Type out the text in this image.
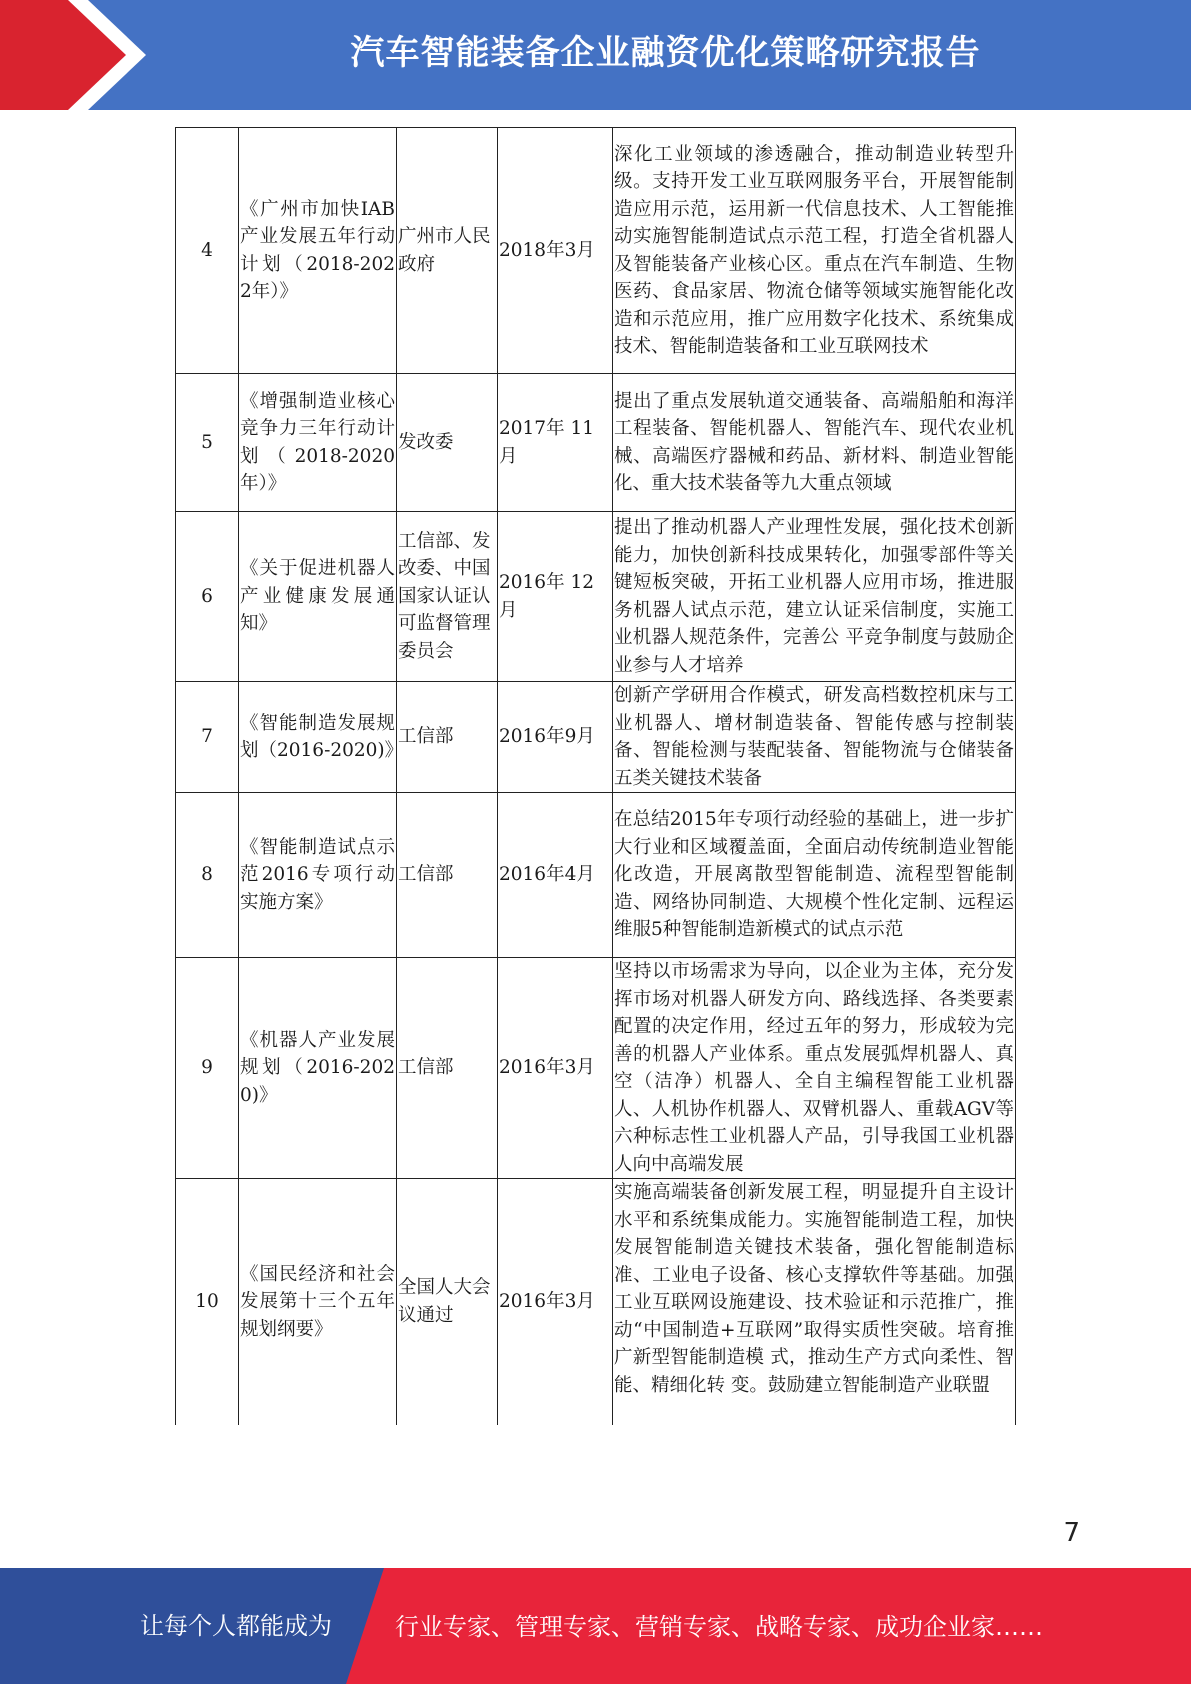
汽车智能装备企业融资优化策略研究报告
4	《广州市加快IAB产业发展五年行动计划（2018-2022年）》	广州市人民政府	2018年3月	深化工业领域的渗透融合，推动制造业转型升级。支持开发工业互联网服务平台，开展智能制造应用示范，运用新一代信息技术、人工智能推动实施智能制造试点示范工程，打造全省机器人及智能装备产业核心区。重点在汽车制造、生物医药、食品家居、物流仓储等领域实施智能化改造和示范应用，推广应用数字化技术、系统集成技术、智能制造装备和工业互联网技术
5	《增强制造业核心竞争力三年行动计划（2018-2020年）》	发改委	2017年 11月	提出了重点发展轨道交通装备、高端船舶和海洋工程装备、智能机器人、智能汽车、现代农业机械、高端医疗器械和药品、新材料、制造业智能化、重大技术装备等九大重点领域
6	《关于促进机器人产业健康发展通知》	工信部、发改委、中国国家认证认可监督管理委员会	2016年 12月	提出了推动机器人产业理性发展，强化技术创新能力，加快创新科技成果转化，加强零部件等关键短板突破，开拓工业机器人应用市场，推进服务机器人试点示范，建立认证采信制度，实施工业机器人规范条件，完善公 平竞争制度与鼓励企业参与人才培养
7	《智能制造发展规划（2016-2020)》	工信部	2016年9月	创新产学研用合作模式，研发高档数控机床与工业机器人、增材制造装备、智能传感与控制装备、智能检测与装配装备、智能物流与仓储装备五类关键技术装备
8	《智能制造试点示范2016专项行动实施方案》	工信部	2016年4月	在总结2015年专项行动经验的基础上，进一步扩大行业和区域覆盖面，全面启动传统制造业智能化改造，开展离散型智能制造、流程型智能制造、网络协同制造、大规模个性化定制、远程运维服5种智能制造新模式的试点示范
9	《机器人产业发展规划（2016-2020)》	工信部	2016年3月	坚持以市场需求为导向，以企业为主体，充分发挥市场对机器人研发方向、路线选择、各类要素配置的决定作用，经过五年的努力，形成较为完善的机器人产业体系。重点发展弧焊机器人、真空（洁净）机器人、全自主编程智能工业机器人、人机协作机器人、双臂机器人、重载AGV等六种标志性工业机器人产品，引导我国工业机器人向中高端发展
10	《国民经济和社会发展第十三个五年规划纲要》	全国人大会议通过	2016年3月	实施高端装备创新发展工程，明显提升自主设计水平和系统集成能力。实施智能制造工程，加快发展智能制造关键技术装备，强化智能制造标准、工业电子设备、核心支撑软件等基础。加强工业互联网设施建设、技术验证和示范推广，推动“中国制造+互联网”取得实质性突破。培育推广新型智能制造模 式，推动生产方式向柔性、智能、精细化转 变。鼓励建立智能制造产业联盟
7
让每个人都能成为	行业专家、管理专家、营销专家、战略专家、成功企业家……
